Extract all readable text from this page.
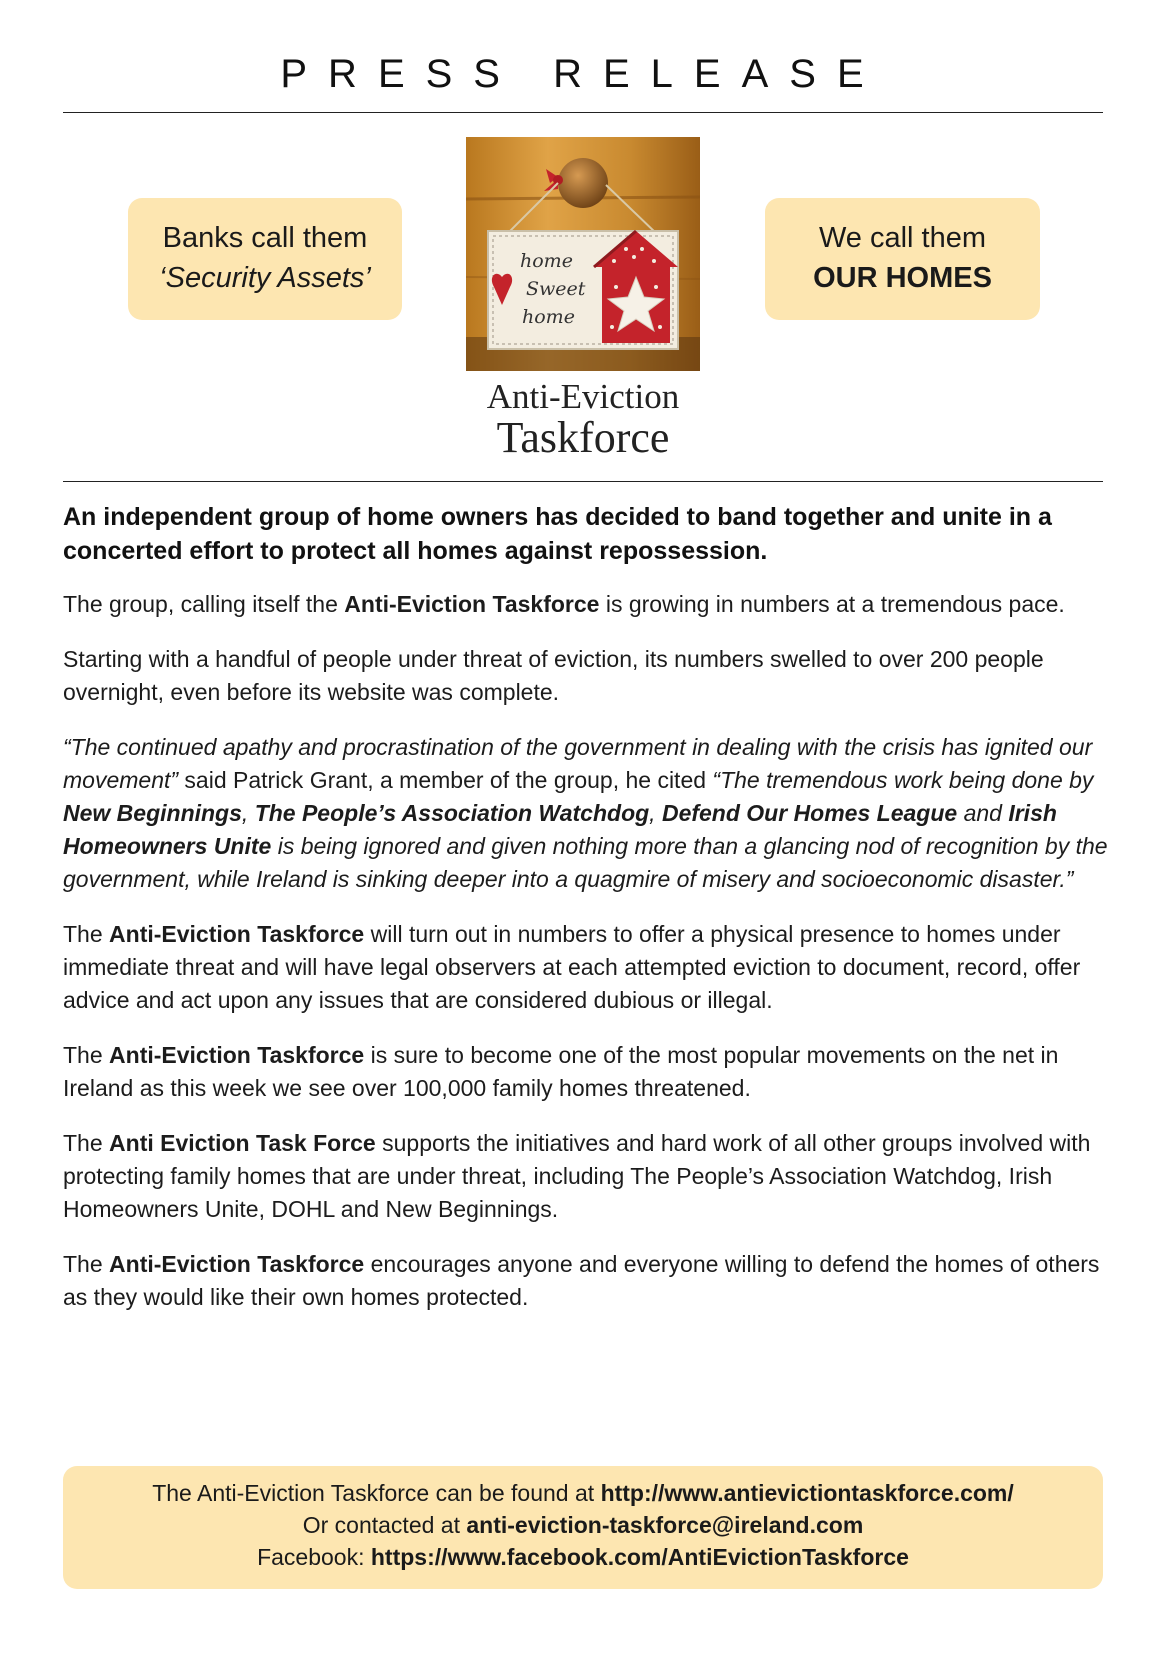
PRESS RELEASE
Banks call them
‘Security Assets’
home
Sweet
home
Anti-Eviction
Taskforce
We call them
OUR HOMES

An independent group of home owners has decided to band together and unite in a concerted effort to protect all homes against repossession.

The group, calling itself the Anti-Eviction Taskforce is growing in numbers at a tremendous pace.

Starting with a handful of people under threat of eviction, its numbers swelled to over 200 people overnight, even before its website was complete.

“The continued apathy and procrastination of the government in dealing with the crisis has ignited our movement” said Patrick Grant, a member of the group, he cited “The tremendous work being done by New Beginnings, The People’s Association Watchdog, Defend Our Homes League and Irish Homeowners Unite is being ignored and given nothing more than a glancing nod of recognition by the government, while Ireland is sinking deeper into a quagmire of misery and socioeconomic disaster.”

The Anti-Eviction Taskforce will turn out in numbers to offer a physical presence to homes under immediate threat and will have legal observers at each attempted eviction to document, record, offer advice and act upon any issues that are considered dubious or illegal.

The Anti-Eviction Taskforce is sure to become one of the most popular movements on the net in Ireland as this week we see over 100,000 family homes threatened.

The Anti Eviction Task Force supports the initiatives and hard work of all other groups involved with protecting family homes that are under threat, including The People’s Association Watchdog, Irish Homeowners Unite, DOHL and New Beginnings.

The Anti-Eviction Taskforce encourages anyone and everyone willing to defend the homes of others as they would like their own homes protected.

The Anti-Eviction Taskforce can be found at http://www.antievictiontaskforce.com/
Or contacted at anti-eviction-taskforce@ireland.com
Facebook: https://www.facebook.com/AntiEvictionTaskforce
